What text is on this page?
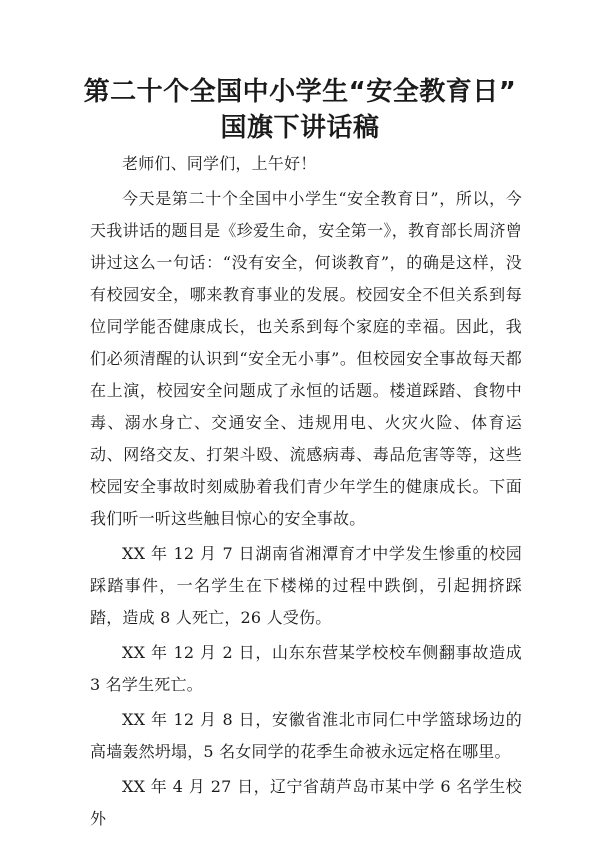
第二十个全国中小学生“安全教育日”
国旗下讲话稿

老师们、同学们，上午好！

今天是第二十个全国中小学生“安全教育日”，所以，今天我讲话的题目是《珍爱生命，安全第一》，教育部长周济曾讲过这么一句话：“没有安全，何谈教育”，的确是这样，没有校园安全，哪来教育事业的发展。校园安全不但关系到每位同学能否健康成长，也关系到每个家庭的幸福。因此，我们必须清醒的认识到“安全无小事”。但校园安全事故每天都在上演，校园安全问题成了永恒的话题。楼道踩踏、食物中毒、溺水身亡、交通安全、违规用电、火灾火险、体育运动、网络交友、打架斗殴、流感病毒、毒品危害等等，这些校园安全事故时刻威胁着我们青少年学生的健康成长。下面我们听一听这些触目惊心的安全事故。

XX 年 12 月 7 日湖南省湘潭育才中学发生惨重的校园踩踏事件，一名学生在下楼梯的过程中跌倒，引起拥挤踩踏，造成 8 人死亡，26 人受伤。

XX 年 12 月 2 日，山东东营某学校校车侧翻事故造成 3 名学生死亡。

XX 年 12 月 8 日，安徽省淮北市同仁中学篮球场边的高墙轰然坍塌，5 名女同学的花季生命被永远定格在哪里。

XX 年 4 月 27 日，辽宁省葫芦岛市某中学 6 名学生校外
